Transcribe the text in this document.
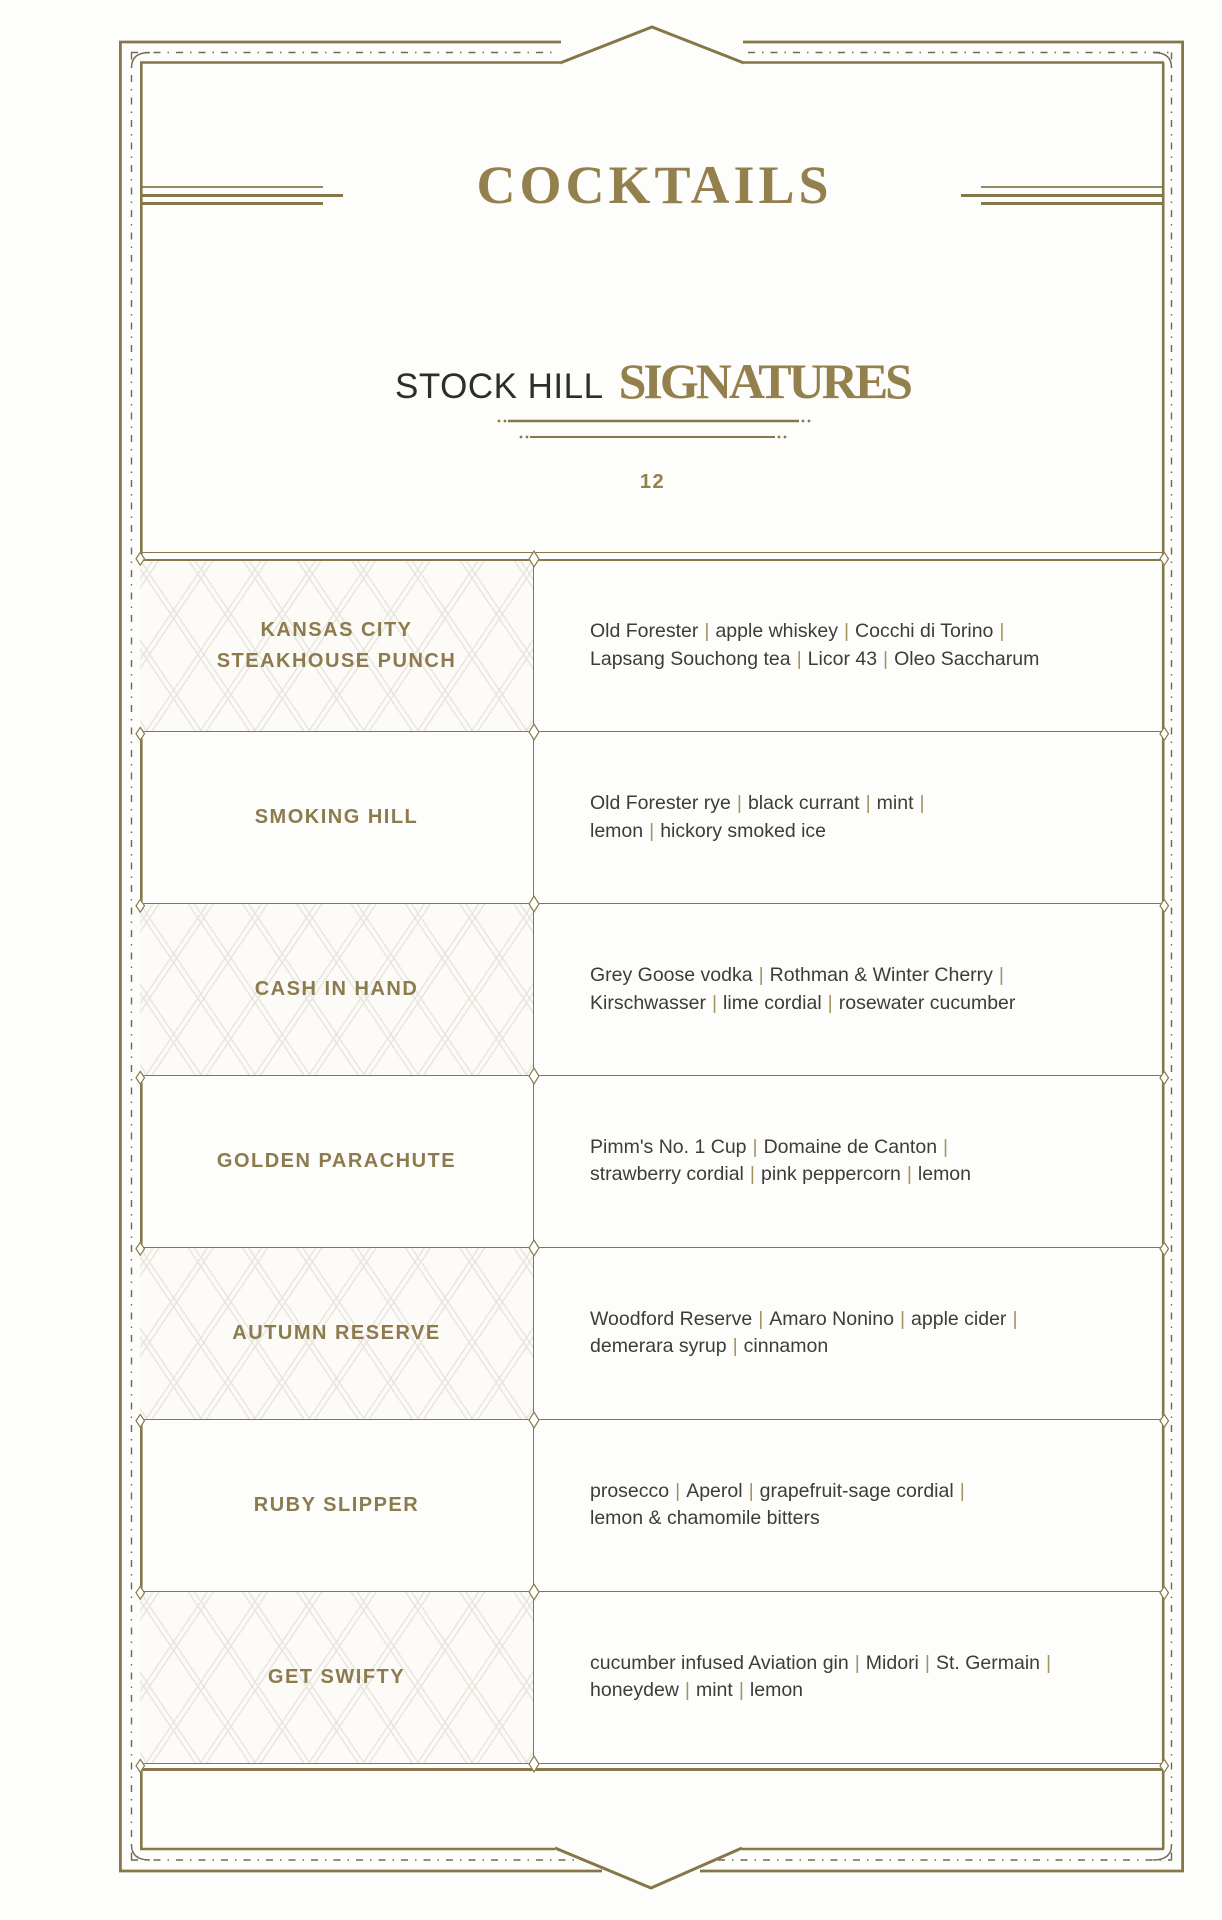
COCKTAILS
STOCK HILL SIGNATURES
12
KANSAS CITY
STEAKHOUSE PUNCH
Old Forester | apple whiskey | Cocchi di Torino |
Lapsang Souchong tea | Licor 43 | Oleo Saccharum
SMOKING HILL
Old Forester rye | black currant | mint |
lemon | hickory smoked ice
CASH IN HAND
Grey Goose vodka | Rothman & Winter Cherry |
Kirschwasser | lime cordial | rosewater cucumber
GOLDEN PARACHUTE
Pimm's No. 1 Cup | Domaine de Canton |
strawberry cordial | pink peppercorn | lemon
AUTUMN RESERVE
Woodford Reserve | Amaro Nonino | apple cider |
demerara syrup | cinnamon
RUBY SLIPPER
prosecco | Aperol | grapefruit-sage cordial |
lemon & chamomile bitters
GET SWIFTY
cucumber infused Aviation gin | Midori | St. Germain |
honeydew | mint | lemon
